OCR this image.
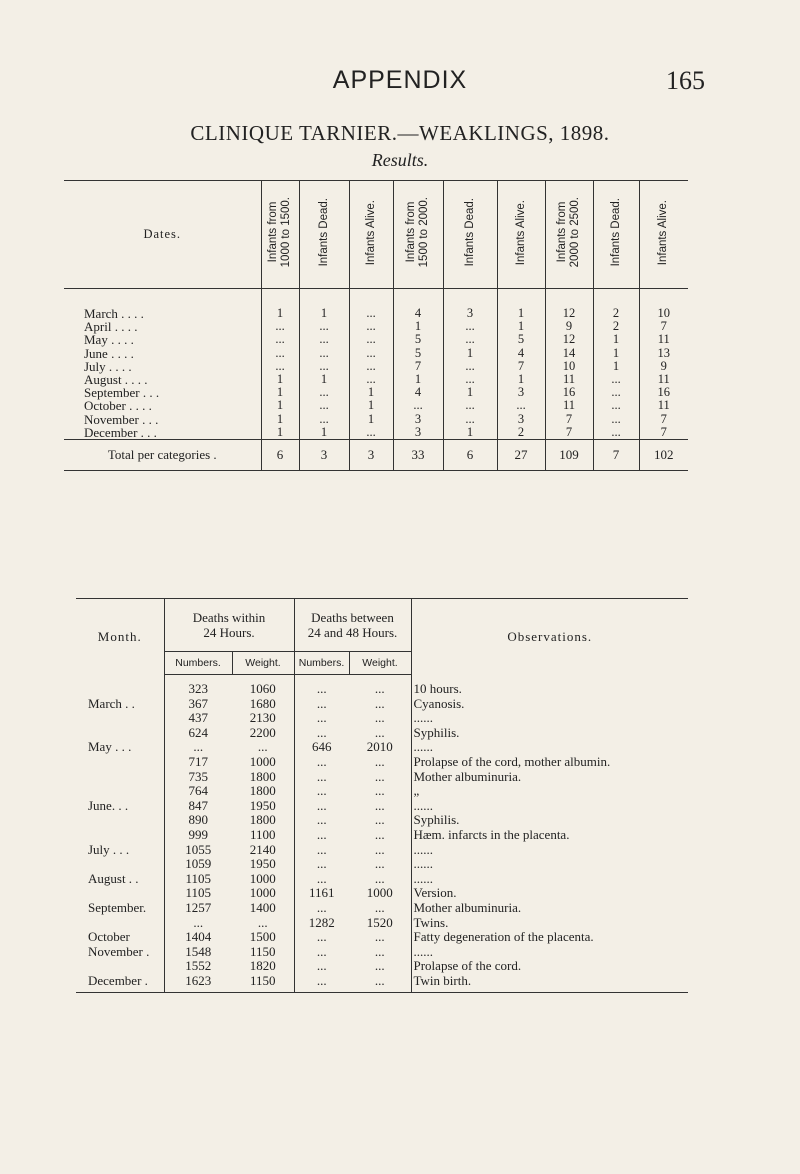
APPENDIX	165
CLINIQUE TARNIER.—WEAKLINGS, 1898.
Results.
Dates.	Infants from
1000 to 1500.	Infants Dead.	Infants Alive.	Infants from
1500 to 2000.	Infants Dead.	Infants Alive.	Infants from
2000 to 2500.	Infants Dead.	Infants Alive.
March . . . .	1	1	...	4	3	1	12	2	10
April . . . .	...	...	...	1	...	1	9	2	7
May . . . .	...	...	...	5	...	5	12	1	11
June . . . .	...	...	...	5	1	4	14	1	13
July . . . .	...	...	...	7	...	7	10	1	9
August . . . .	1	1	...	1	...	1	11	...	11
September . . .	1	...	1	4	1	3	16	...	16
October . . . .	1	...	1	...	...	...	11	...	11
November . . .	1	...	1	3	...	3	7	...	7
December . . .	1	1	...	3	1	2	7	...	7
Total per categories .	6	3	3	33	6	27	109	7	102
Month.	Deaths within
24 Hours.		Deaths between
24 and 48 Hours.		Observations.
	Numbers.	Weight.	Numbers.	Weight.	
	323	1060	...	...	10 hours.
March . .	367	1680	...	...	Cyanosis.
	437	2130	...	...	......
	624	2200	...	...	Syphilis.
May . . .	...	...	646	2010	......
	717	1000	...	...	Prolapse of the cord, mother albumin.
	735	1800	...	...	Mother albuminuria.
	764	1800	...	...	„
June. . .	847	1950	...	...	......
	890	1800	...	...	Syphilis.
	999	1100	...	...	Hæm. infarcts in the placenta.
July . . .	1055	2140	...	...	......
	1059	1950	...	...	......
August . .	1105	1000	...	...	......
	1105	1000	1161	1000	Version.
September.	1257	1400	...	...	Mother albuminuria.
	...	...	1282	1520	Twins.
October	1404	1500	...	...	Fatty degeneration of the placenta.
November .	1548	1150	...	...	......
	1552	1820	...	...	Prolapse of the cord.
December .	1623	1150	...	...	Twin birth.
